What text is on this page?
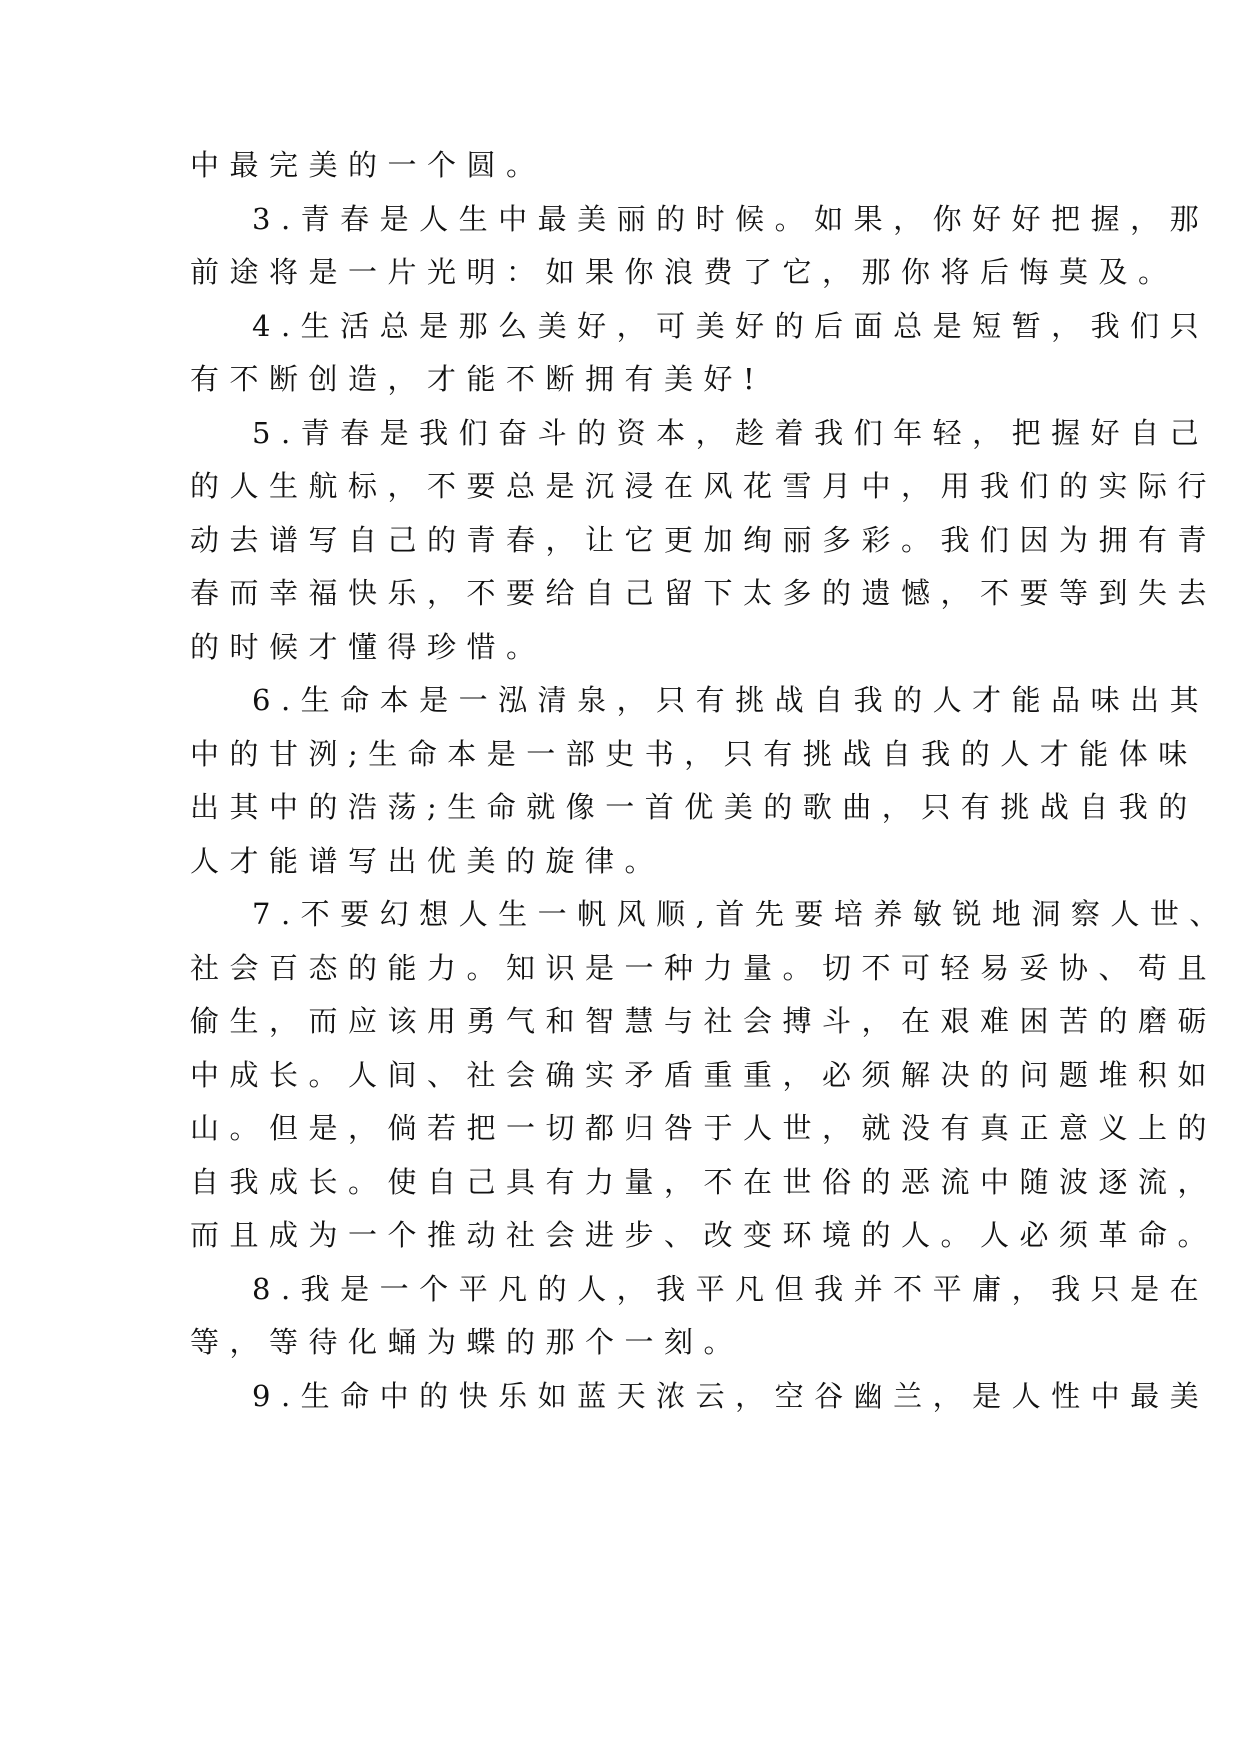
中最完美的一个圆。
3.青春是人生中最美丽的时候。如果，你好好把握，那
前途将是一片光明：如果你浪费了它，那你将后悔莫及。
4.生活总是那么美好，可美好的后面总是短暂，我们只
有不断创造，才能不断拥有美好!
5.青春是我们奋斗的资本，趁着我们年轻，把握好自己
的人生航标，不要总是沉浸在风花雪月中，用我们的实际行
动去谱写自己的青春，让它更加绚丽多彩。我们因为拥有青
春而幸福快乐，不要给自己留下太多的遗憾，不要等到失去
的时候才懂得珍惜。
6.生命本是一泓清泉，只有挑战自我的人才能品味出其
中的甘洌;生命本是一部史书，只有挑战自我的人才能体味
出其中的浩荡;生命就像一首优美的歌曲，只有挑战自我的
人才能谱写出优美的旋律。
7.不要幻想人生一帆风顺,首先要培养敏锐地洞察人世、
社会百态的能力。知识是一种力量。切不可轻易妥协、苟且
偷生，而应该用勇气和智慧与社会搏斗，在艰难困苦的磨砺
中成长。人间、社会确实矛盾重重，必须解决的问题堆积如
山。但是，倘若把一切都归咎于人世，就没有真正意义上的
自我成长。使自己具有力量，不在世俗的恶流中随波逐流，
而且成为一个推动社会进步、改变环境的人。人必须革命。
8.我是一个平凡的人，我平凡但我并不平庸，我只是在
等，等待化蛹为蝶的那个一刻。
9.生命中的快乐如蓝天浓云，空谷幽兰，是人性中最美
